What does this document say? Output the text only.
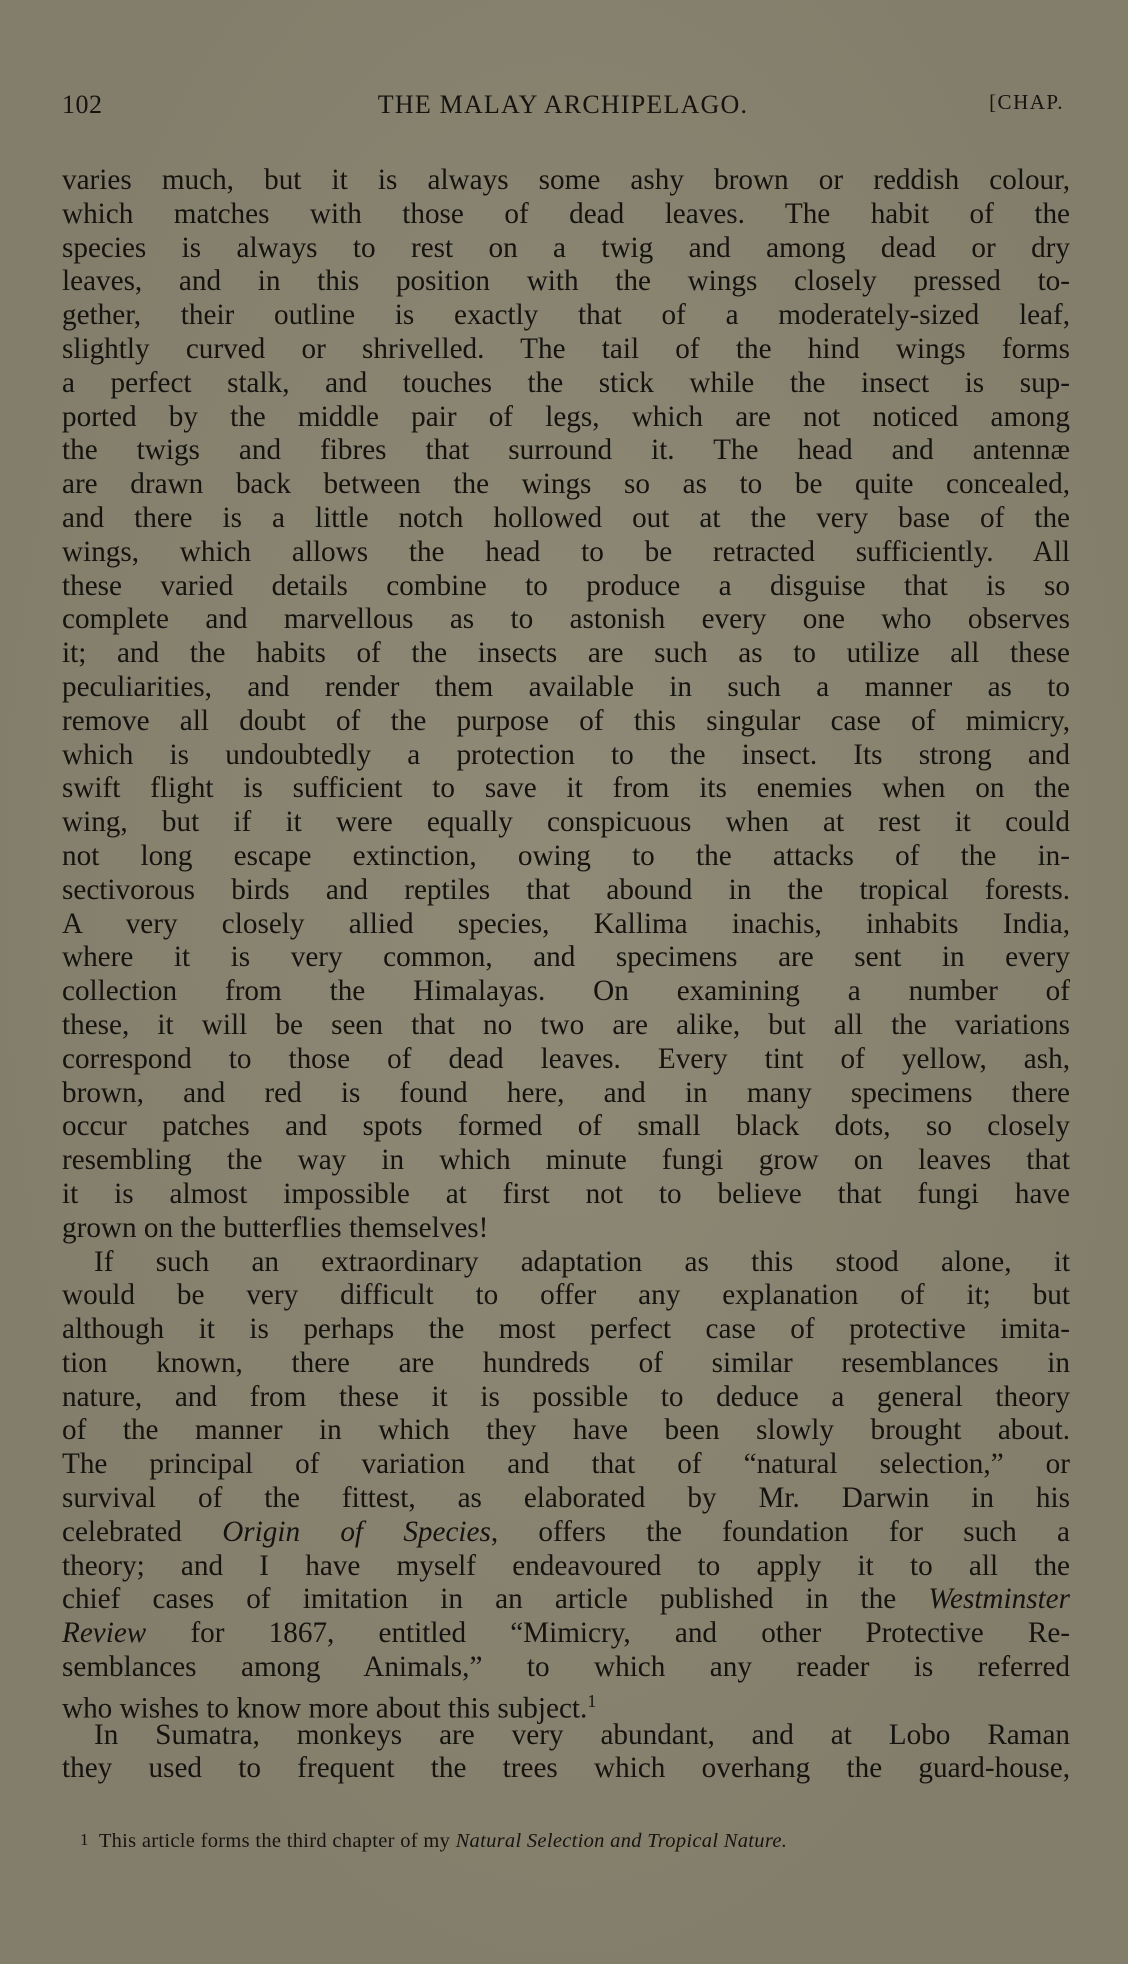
102	THE MALAY ARCHIPELAGO.	[CHAP.
varies much, but it is always some ashy brown or reddish colour,
which matches with those of dead leaves. The habit of the
species is always to rest on a twig and among dead or dry
leaves, and in this position with the wings closely pressed to-
gether, their outline is exactly that of a moderately-sized leaf,
slightly curved or shrivelled. The tail of the hind wings forms
a perfect stalk, and touches the stick while the insect is sup-
ported by the middle pair of legs, which are not noticed among
the twigs and fibres that surround it. The head and antennæ
are drawn back between the wings so as to be quite concealed,
and there is a little notch hollowed out at the very base of the
wings, which allows the head to be retracted sufficiently. All
these varied details combine to produce a disguise that is so
complete and marvellous as to astonish every one who observes
it; and the habits of the insects are such as to utilize all these
peculiarities, and render them available in such a manner as to
remove all doubt of the purpose of this singular case of mimicry,
which is undoubtedly a protection to the insect. Its strong and
swift flight is sufficient to save it from its enemies when on the
wing, but if it were equally conspicuous when at rest it could
not long escape extinction, owing to the attacks of the in-
sectivorous birds and reptiles that abound in the tropical forests.
A very closely allied species, Kallima inachis, inhabits India,
where it is very common, and specimens are sent in every
collection from the Himalayas. On examining a number of
these, it will be seen that no two are alike, but all the variations
correspond to those of dead leaves. Every tint of yellow, ash,
brown, and red is found here, and in many specimens there
occur patches and spots formed of small black dots, so closely
resembling the way in which minute fungi grow on leaves that
it is almost impossible at first not to believe that fungi have
grown on the butterflies themselves!
If such an extraordinary adaptation as this stood alone, it
would be very difficult to offer any explanation of it; but
although it is perhaps the most perfect case of protective imita-
tion known, there are hundreds of similar resemblances in
nature, and from these it is possible to deduce a general theory
of the manner in which they have been slowly brought about.
The principal of variation and that of “natural selection,” or
survival of the fittest, as elaborated by Mr. Darwin in his
celebrated Origin of Species, offers the foundation for such a
theory; and I have myself endeavoured to apply it to all the
chief cases of imitation in an article published in the Westminster
Review for 1867, entitled “Mimicry, and other Protective Re-
semblances among Animals,” to which any reader is referred
who wishes to know more about this subject.$^1$
In Sumatra, monkeys are very abundant, and at Lobo Raman
they used to frequent the trees which overhang the guard-house,
1 This article forms the third chapter of my Natural Selection and Tropical Nature.
